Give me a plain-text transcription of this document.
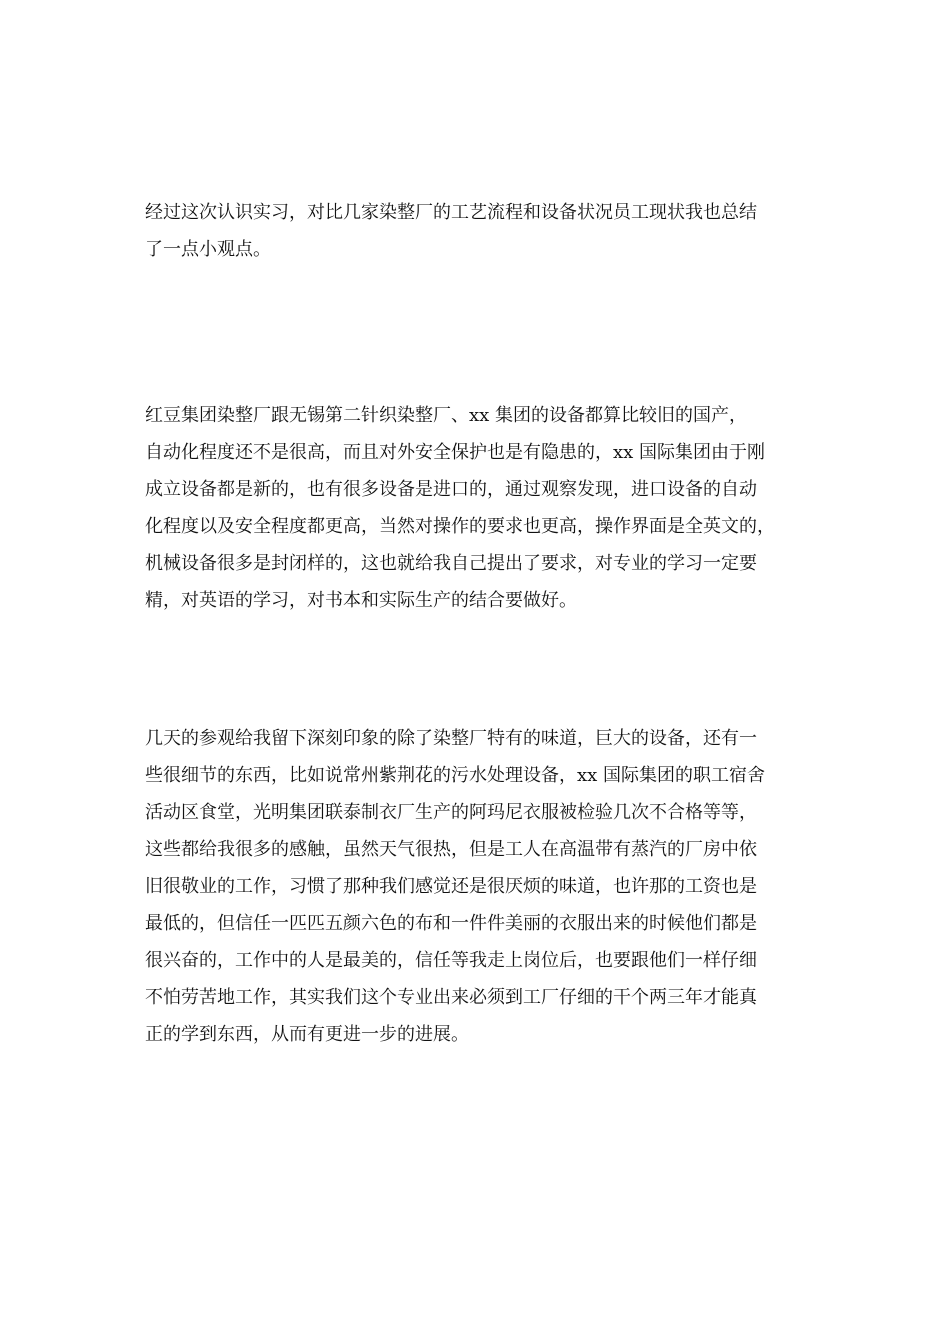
经过这次认识实习，对比几家染整厂的工艺流程和设备状况员工现状我也总结
了一点小观点。

红豆集团染整厂跟无锡第二针织染整厂、xx 集团的设备都算比较旧的国产，
自动化程度还不是很高，而且对外安全保护也是有隐患的，xx 国际集团由于刚
成立设备都是新的，也有很多设备是进口的，通过观察发现，进口设备的自动
化程度以及安全程度都更高，当然对操作的要求也更高，操作界面是全英文的，
机械设备很多是封闭样的，这也就给我自己提出了要求，对专业的学习一定要
精，对英语的学习，对书本和实际生产的结合要做好。

几天的参观给我留下深刻印象的除了染整厂特有的味道，巨大的设备，还有一
些很细节的东西，比如说常州紫荆花的污水处理设备，xx 国际集团的职工宿舍
活动区食堂，光明集团联泰制衣厂生产的阿玛尼衣服被检验几次不合格等等，
这些都给我很多的感触，虽然天气很热，但是工人在高温带有蒸汽的厂房中依
旧很敬业的工作，习惯了那种我们感觉还是很厌烦的味道，也许那的工资也是
最低的，但信任一匹匹五颜六色的布和一件件美丽的衣服出来的时候他们都是
很兴奋的，工作中的人是最美的，信任等我走上岗位后，也要跟他们一样仔细
不怕劳苦地工作，其实我们这个专业出来必须到工厂仔细的干个两三年才能真
正的学到东西，从而有更进一步的进展。
